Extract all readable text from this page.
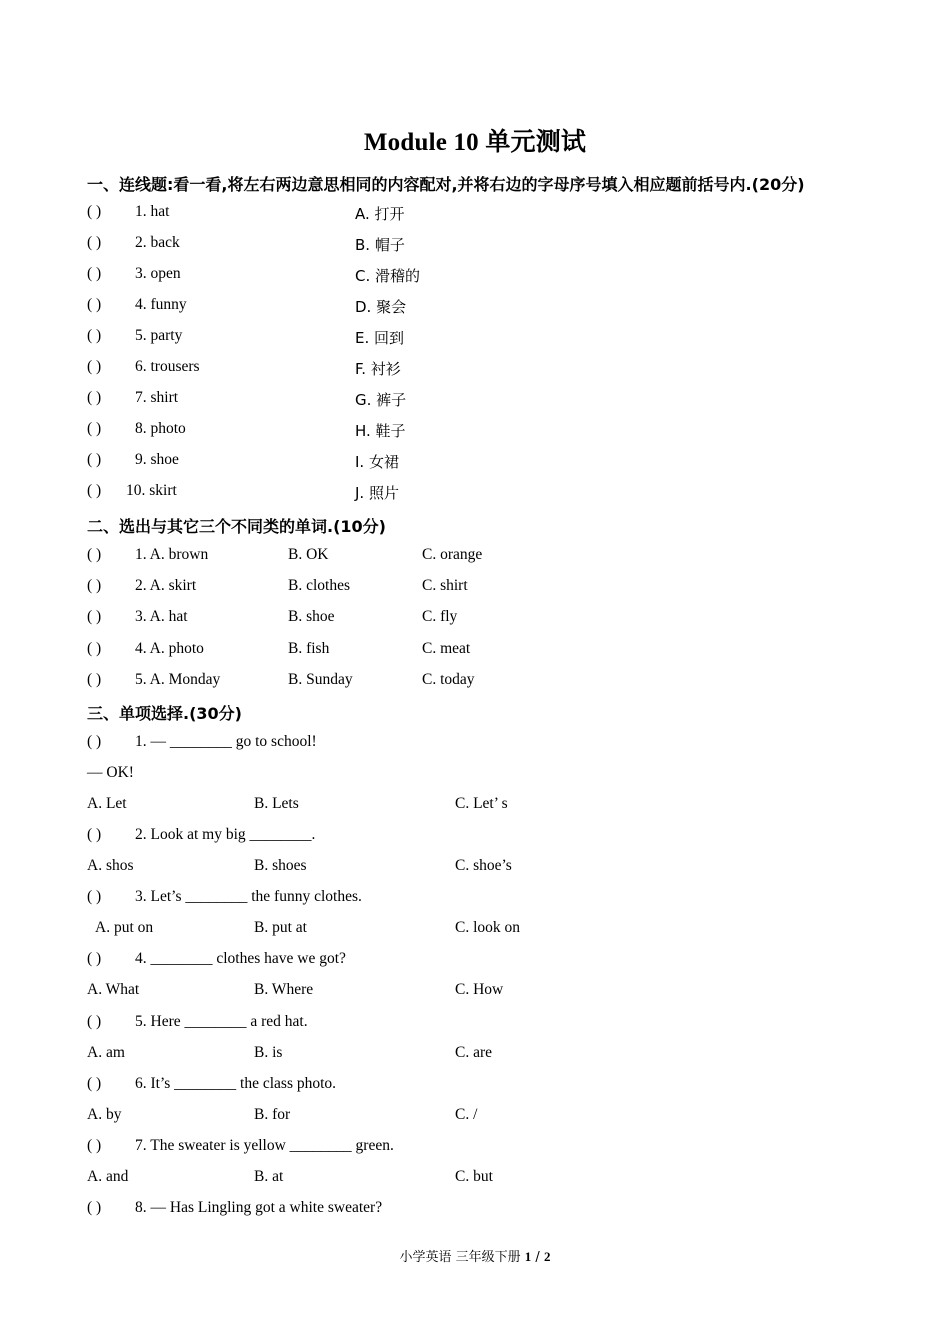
Module 10 单元测试
一、连线题:看一看,将左右两边意思相同的内容配对,并将右边的字母序号填入相应题前括号内.(20分)
( ) 1. hat	A. 打开
( ) 2. back	B. 帽子
( ) 3. open	C. 滑稽的
( ) 4. funny	D. 聚会
( ) 5. party	E. 回到
( ) 6. trousers	F. 衬衫
( ) 7. shirt	G. 裤子
( ) 8. photo	H. 鞋子
( ) 9. shoe	I. 女裙
( ) 10. skirt	J. 照片
二、选出与其它三个不同类的单词.(10分)
( ) 1. A. brown	B. OK	C. orange
( ) 2. A. skirt	B. clothes	C. shirt
( ) 3. A. hat	B. shoe	C. fly
( ) 4. A. photo	B. fish	C. meat
( ) 5. A. Monday	B. Sunday	C. today
三、单项选择.(30分)
( ) 1. — ________ go to school!
— OK!
A. Let	B. Lets	C. Let’ s
( ) 2. Look at my big ________.
A. shos	B. shoes	C. shoe’s
( ) 3. Let’s ________ the funny clothes.
A. put on	B. put at	C. look on
( ) 4. ________ clothes have we got?
A. What	B. Where	C. How
( ) 5. Here ________ a red hat.
A. am	B. is	C. are
( ) 6. It’s ________ the class photo.
A. by	B. for	C. /
( ) 7. The sweater is yellow ________ green.
A. and	B. at	C. but
( ) 8. — Has Lingling got a white sweater?
小学英语 三年级下册 1 / 2
